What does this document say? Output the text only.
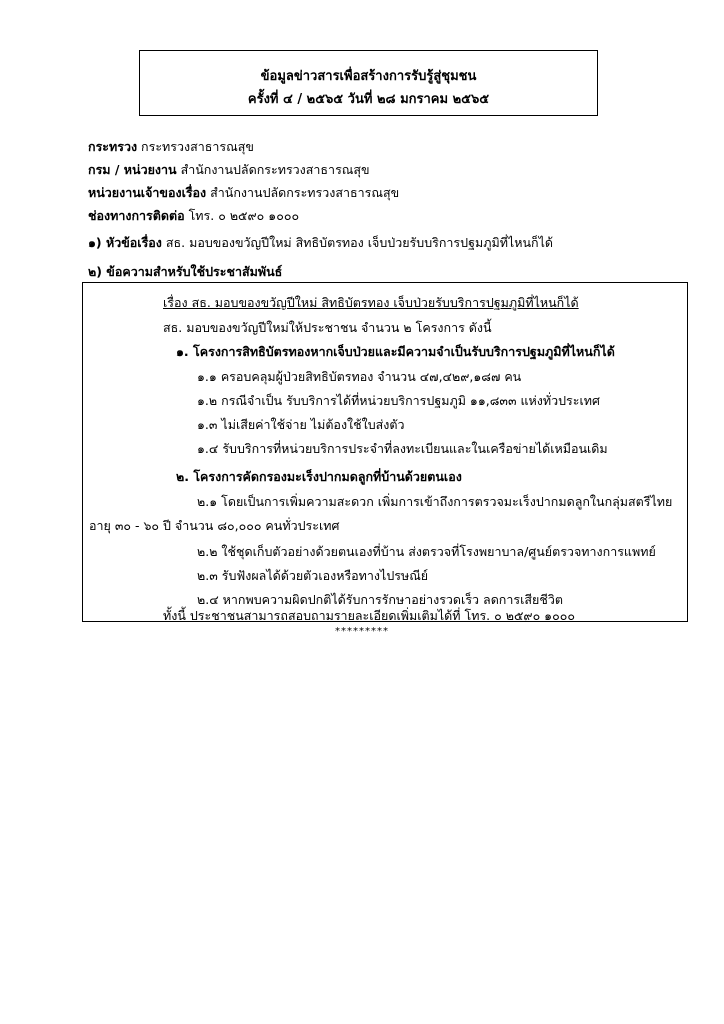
ข้อมูลข่าวสารเพื่อสร้างการรับรู้สู่ชุมชน
ครั้งที่ ๔ / ๒๕๖๕ วันที่ ๒๘ มกราคม ๒๕๖๕
กระทรวง กระทรวงสาธารณสุข
กรม / หน่วยงาน สำนักงานปลัดกระทรวงสาธารณสุข
หน่วยงานเจ้าของเรื่อง สำนักงานปลัดกระทรวงสาธารณสุข
ช่องทางการติดต่อ โทร. ๐ ๒๕๙๐ ๑๐๐๐
๑) หัวข้อเรื่อง สธ. มอบของขวัญปีใหม่ สิทธิบัตรทอง เจ็บป่วยรับบริการปฐมภูมิที่ไหนก็ได้
๒) ข้อความสำหรับใช้ประชาสัมพันธ์
เรื่อง สธ. มอบของขวัญปีใหม่ สิทธิบัตรทอง เจ็บป่วยรับบริการปฐมภูมิที่ไหนก็ได้
สธ. มอบของขวัญปีใหม่ให้ประชาชน จำนวน ๒ โครงการ ดังนี้
๑. โครงการสิทธิบัตรทองหากเจ็บป่วยและมีความจำเป็นรับบริการปฐมภูมิที่ไหนก็ได้
๑.๑ ครอบคลุมผู้ป่วยสิทธิบัตรทอง จำนวน ๔๗,๔๒๙,๑๘๗ คน
๑.๒ กรณีจำเป็น รับบริการได้ที่หน่วยบริการปฐมภูมิ ๑๑,๘๓๓ แห่งทั่วประเทศ
๑.๓ ไม่เสียค่าใช้จ่าย ไม่ต้องใช้ใบส่งตัว
๑.๔ รับบริการที่หน่วยบริการประจำที่ลงทะเบียนและในเครือข่ายได้เหมือนเดิม
๒. โครงการคัดกรองมะเร็งปากมดลูกที่บ้านด้วยตนเอง
๒.๑ โดยเป็นการเพิ่มความสะดวก เพิ่มการเข้าถึงการตรวจมะเร็งปากมดลูกในกลุ่มสตรีไทย
อายุ ๓๐ - ๖๐ ปี จำนวน ๘๐,๐๐๐ คนทั่วประเทศ
๒.๒ ใช้ชุดเก็บตัวอย่างด้วยตนเองที่บ้าน ส่งตรวจที่โรงพยาบาล/ศูนย์ตรวจทางการแพทย์
๒.๓ รับฟังผลได้ด้วยตัวเองหรือทางไปรษณีย์
๒.๔ หากพบความผิดปกติได้รับการรักษาอย่างรวดเร็ว ลดการเสียชีวิต
ทั้งนี้ ประชาชนสามารถสอบถามรายละเอียดเพิ่มเติมได้ที่ โทร. ๐ ๒๕๙๐ ๑๐๐๐
*********
